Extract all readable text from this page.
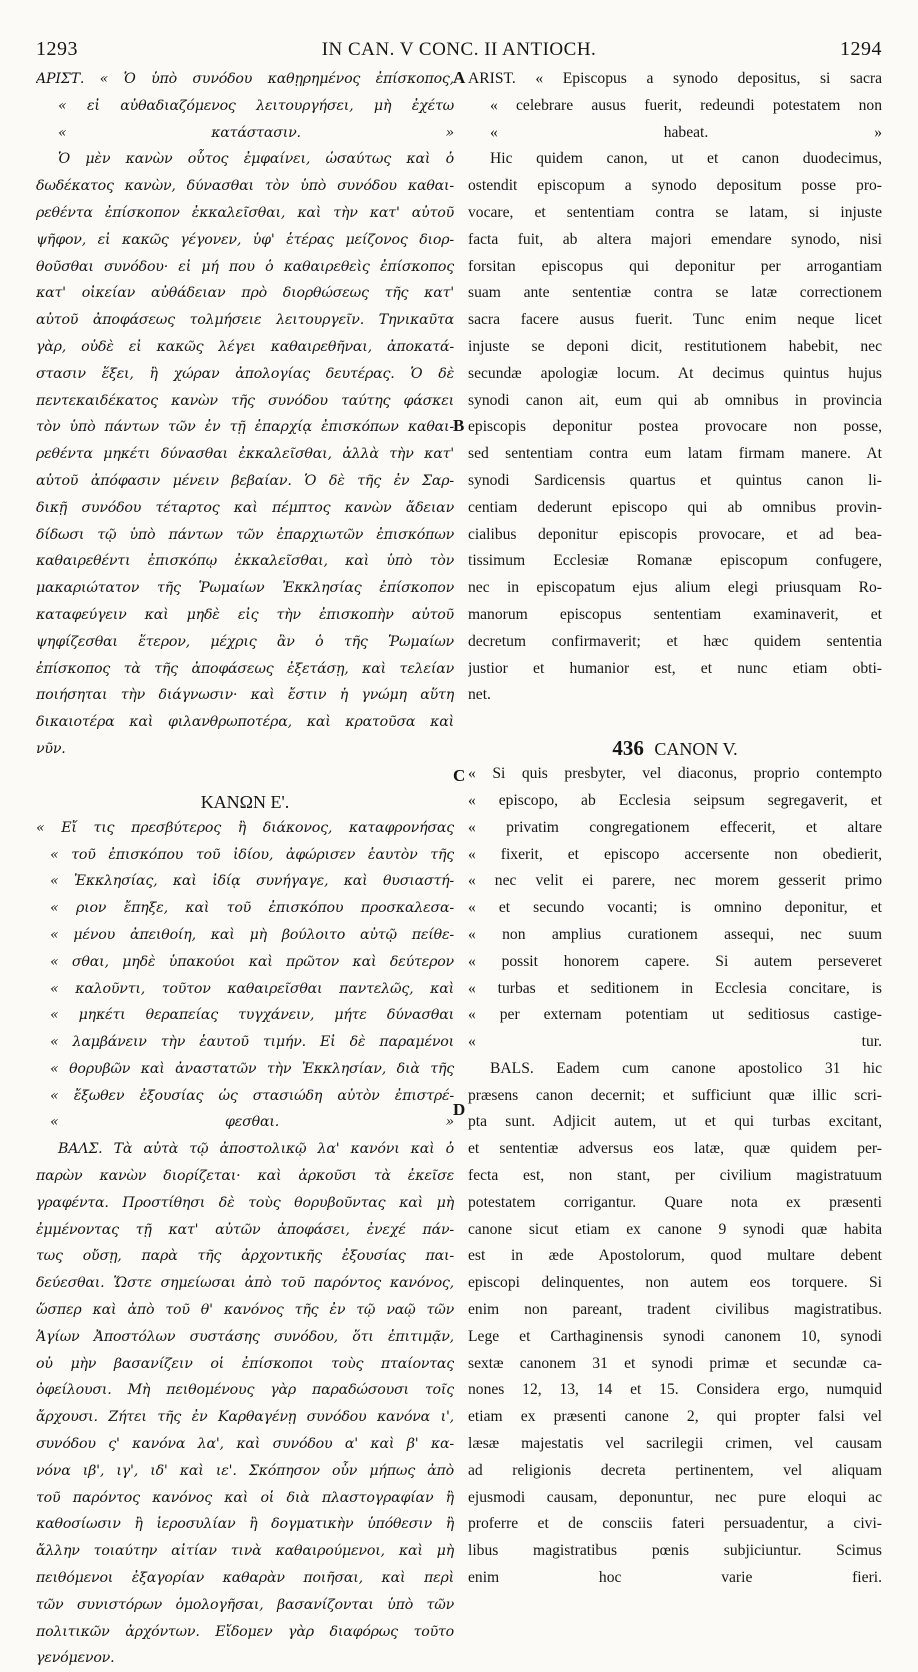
1293	IN CAN. V CONC. II ANTIOCH.	1294
A
B
C
D
ΑΡΙΣΤ. « Ὁ ὑπὸ συνόδου καθῃρημένος ἐπίσκοπος,
« εἰ αὐθαδιαζόμενος λειτουργήσει, μὴ ἐχέτω
« κατάστασιν. »
Ὁ μὲν κανὼν οὗτος ἐμφαίνει, ὡσαύτως καὶ ὁ
δωδέκατος κανὼν, δύνασθαι τὸν ὑπὸ συνόδου καθαι-
ρεθέντα ἐπίσκοπον ἐκκαλεῖσθαι, καὶ τὴν κατ' αὐτοῦ
ψῆφον, εἰ κακῶς γέγονεν, ὑφ' ἑτέρας μείζονος διορ-
θοῦσθαι συνόδου· εἰ μή που ὁ καθαιρεθεὶς ἐπίσκοπος
κατ' οἰκείαν αὐθάδειαν πρὸ διορθώσεως τῆς κατ'
αὐτοῦ ἀποφάσεως τολμήσειε λειτουργεῖν. Τηνικαῦτα
γὰρ, οὐδὲ εἰ κακῶς λέγει καθαιρεθῆναι, ἀποκατά-
στασιν ἕξει, ἢ χώραν ἀπολογίας δευτέρας. Ὁ δὲ
πεντεκαιδέκατος κανὼν τῆς συνόδου ταύτης φάσκει
τὸν ὑπὸ πάντων τῶν ἐν τῇ ἐπαρχίᾳ ἐπισκόπων καθαι-
ρεθέντα μηκέτι δύνασθαι ἐκκαλεῖσθαι, ἀλλὰ τὴν κατ'
αὐτοῦ ἀπόφασιν μένειν βεβαίαν. Ὁ δὲ τῆς ἐν Σαρ-
δικῇ συνόδου τέταρτος καὶ πέμπτος κανὼν ἄδειαν
δίδωσι τῷ ὑπὸ πάντων τῶν ἐπαρχιωτῶν ἐπισκόπων
καθαιρεθέντι ἐπισκόπῳ ἐκκαλεῖσθαι, καὶ ὑπὸ τὸν
μακαριώτατον τῆς Ῥωμαίων Ἐκκλησίας ἐπίσκοπον
καταφεύγειν καὶ μηδὲ εἰς τὴν ἐπισκοπὴν αὐτοῦ
ψηφίζεσθαι ἕτερον, μέχρις ἂν ὁ τῆς Ῥωμαίων
ἐπίσκοπος τὰ τῆς ἀποφάσεως ἐξετάσῃ, καὶ τελείαν
ποιήσηται τὴν διάγνωσιν· καὶ ἔστιν ἡ γνώμη αὕτη
δικαιοτέρα καὶ φιλανθρωποτέρα, καὶ κρατοῦσα καὶ
νῦν.
ΚΑΝΩΝ Ε'.
« Εἴ τις πρεσβύτερος ἢ διάκονος, καταφρονήσας
« τοῦ ἐπισκόπου τοῦ ἰδίου, ἀφώρισεν ἑαυτὸν τῆς
« Ἐκκλησίας, καὶ ἰδίᾳ συνήγαγε, καὶ θυσιαστή-
« ριον ἔπηξε, καὶ τοῦ ἐπισκόπου προσκαλεσα-
« μένου ἀπειθοίη, καὶ μὴ βούλοιτο αὐτῷ πείθε-
« σθαι, μηδὲ ὑπακούοι καὶ πρῶτον καὶ δεύτερον
« καλοῦντι, τοῦτον καθαιρεῖσθαι παντελῶς, καὶ
« μηκέτι θεραπείας τυγχάνειν, μήτε δύνασθαι
« λαμβάνειν τὴν ἑαυτοῦ τιμήν. Εἰ δὲ παραμένοι
« θορυβῶν καὶ ἀναστατῶν τὴν Ἐκκλησίαν, διὰ τῆς
« ἔξωθεν ἐξουσίας ὡς στασιώδη αὐτὸν ἐπιστρέ-
« φεσθαι. »
ΒΑΛΣ. Τὰ αὐτὰ τῷ ἀποστολικῷ λα' κανόνι καὶ ὁ
παρὼν κανὼν διορίζεται· καὶ ἀρκοῦσι τὰ ἐκεῖσε
γραφέντα. Προστίθησι δὲ τοὺς θορυβοῦντας καὶ μὴ
ἐμμένοντας τῇ κατ' αὐτῶν ἀποφάσει, ἐνεχέ πάν-
τως οὔσῃ, παρὰ τῆς ἀρχοντικῆς ἐξουσίας παι-
δεύεσθαι. Ὥστε σημείωσαι ἀπὸ τοῦ παρόντος κανόνος,
ὥσπερ καὶ ἀπὸ τοῦ θ' κανόνος τῆς ἐν τῷ ναῷ τῶν
Ἁγίων Ἀποστόλων συστάσης συνόδου, ὅτι ἐπιτιμᾷν,
οὐ μὴν βασανίζειν οἱ ἐπίσκοποι τοὺς πταίοντας
ὀφείλουσι. Μὴ πειθομένους γὰρ παραδώσουσι τοῖς
ἄρχουσι. Ζήτει τῆς ἐν Καρθαγένῃ συνόδου κανόνα ι',
συνόδου ς' κανόνα λα', καὶ συνόδου α' καὶ β' κα-
νόνα ιβ', ιγ', ιδ' καὶ ιε'. Σκόπησον οὖν μήπως ἀπὸ
τοῦ παρόντος κανόνος καὶ οἱ διὰ πλαστογραφίαν ἢ
καθοσίωσιν ἢ ἱεροσυλίαν ἢ δογματικὴν ὑπόθεσιν ἢ
ἄλλην τοιαύτην αἰτίαν τινὰ καθαιρούμενοι, καὶ μὴ
πειθόμενοι ἐξαγορίαν καθαρὰν ποιῆσαι, καὶ περὶ
τῶν συνιστόρων ὁμολογῆσαι, βασανίζονται ὑπὸ τῶν
πολιτικῶν ἀρχόντων. Εἴδομεν γὰρ διαφόρως τοῦτο
γενόμενον.
ARIST. « Episcopus a synodo depositus, si sacra
« celebrare ausus fuerit, redeundi potestatem non
« habeat. »
Hic quidem canon, ut et canon duodecimus,
ostendit episcopum a synodo depositum posse pro-
vocare, et sententiam contra se latam, si injuste
facta fuit, ab altera majori emendare synodo, nisi
forsitan episcopus qui deponitur per arrogantiam
suam ante sententiæ contra se latæ correctionem
sacra facere ausus fuerit. Tunc enim neque licet
injuste se deponi dicit, restitutionem habebit, nec
secundæ apologiæ locum. At decimus quintus hujus
synodi canon ait, eum qui ab omnibus in provincia
episcopis deponitur postea provocare non posse,
sed sententiam contra eum latam firmam manere. At
synodi Sardicensis quartus et quintus canon li-
centiam dederunt episcopo qui ab omnibus provin-
cialibus deponitur episcopis provocare, et ad bea-
tissimum Ecclesiæ Romanæ episcopum confugere,
nec in episcopatum ejus alium elegi priusquam Ro-
manorum episcopus sententiam examinaverit, et
decretum confirmaverit; et hæc quidem sententia
justior et humanior est, et nunc etiam obti-
net.
436 CANON V.
« Si quis presbyter, vel diaconus, proprio contempto
« episcopo, ab Ecclesia seipsum segregaverit, et
« privatim congregationem effecerit, et altare
« fixerit, et episcopo accersente non obedierit,
« nec velit ei parere, nec morem gesserit primo
« et secundo vocanti; is omnino deponitur, et
« non amplius curationem assequi, nec suum
« possit honorem capere. Si autem perseveret
« turbas et seditionem in Ecclesia concitare, is
« per externam potentiam ut seditiosus castige-
« tur.
BALS. Eadem cum canone apostolico 31 hic
præsens canon decernit; et sufficiunt quæ illic scri-
pta sunt. Adjicit autem, ut et qui turbas excitant,
et sententiæ adversus eos latæ, quæ quidem per-
fecta est, non stant, per civilium magistratuum
potestatem corrigantur. Quare nota ex præsenti
canone sicut etiam ex canone 9 synodi quæ habita
est in æde Apostolorum, quod multare debent
episcopi delinquentes, non autem eos torquere. Si
enim non pareant, tradent civilibus magistratibus.
Lege et Carthaginensis synodi canonem 10, synodi
sextæ canonem 31 et synodi primæ et secundæ ca-
nones 12, 13, 14 et 15. Considera ergo, numquid
etiam ex præsenti canone 2, qui propter falsi vel
læsæ majestatis vel sacrilegii crimen, vel causam
ad religionis decreta pertinentem, vel aliquam
ejusmodi causam, deponuntur, nec pure eloqui ac
proferre et de consciis fateri persuadentur, a civi-
libus magistratibus pœnis subjiciuntur. Scimus
enim hoc varie fieri.
